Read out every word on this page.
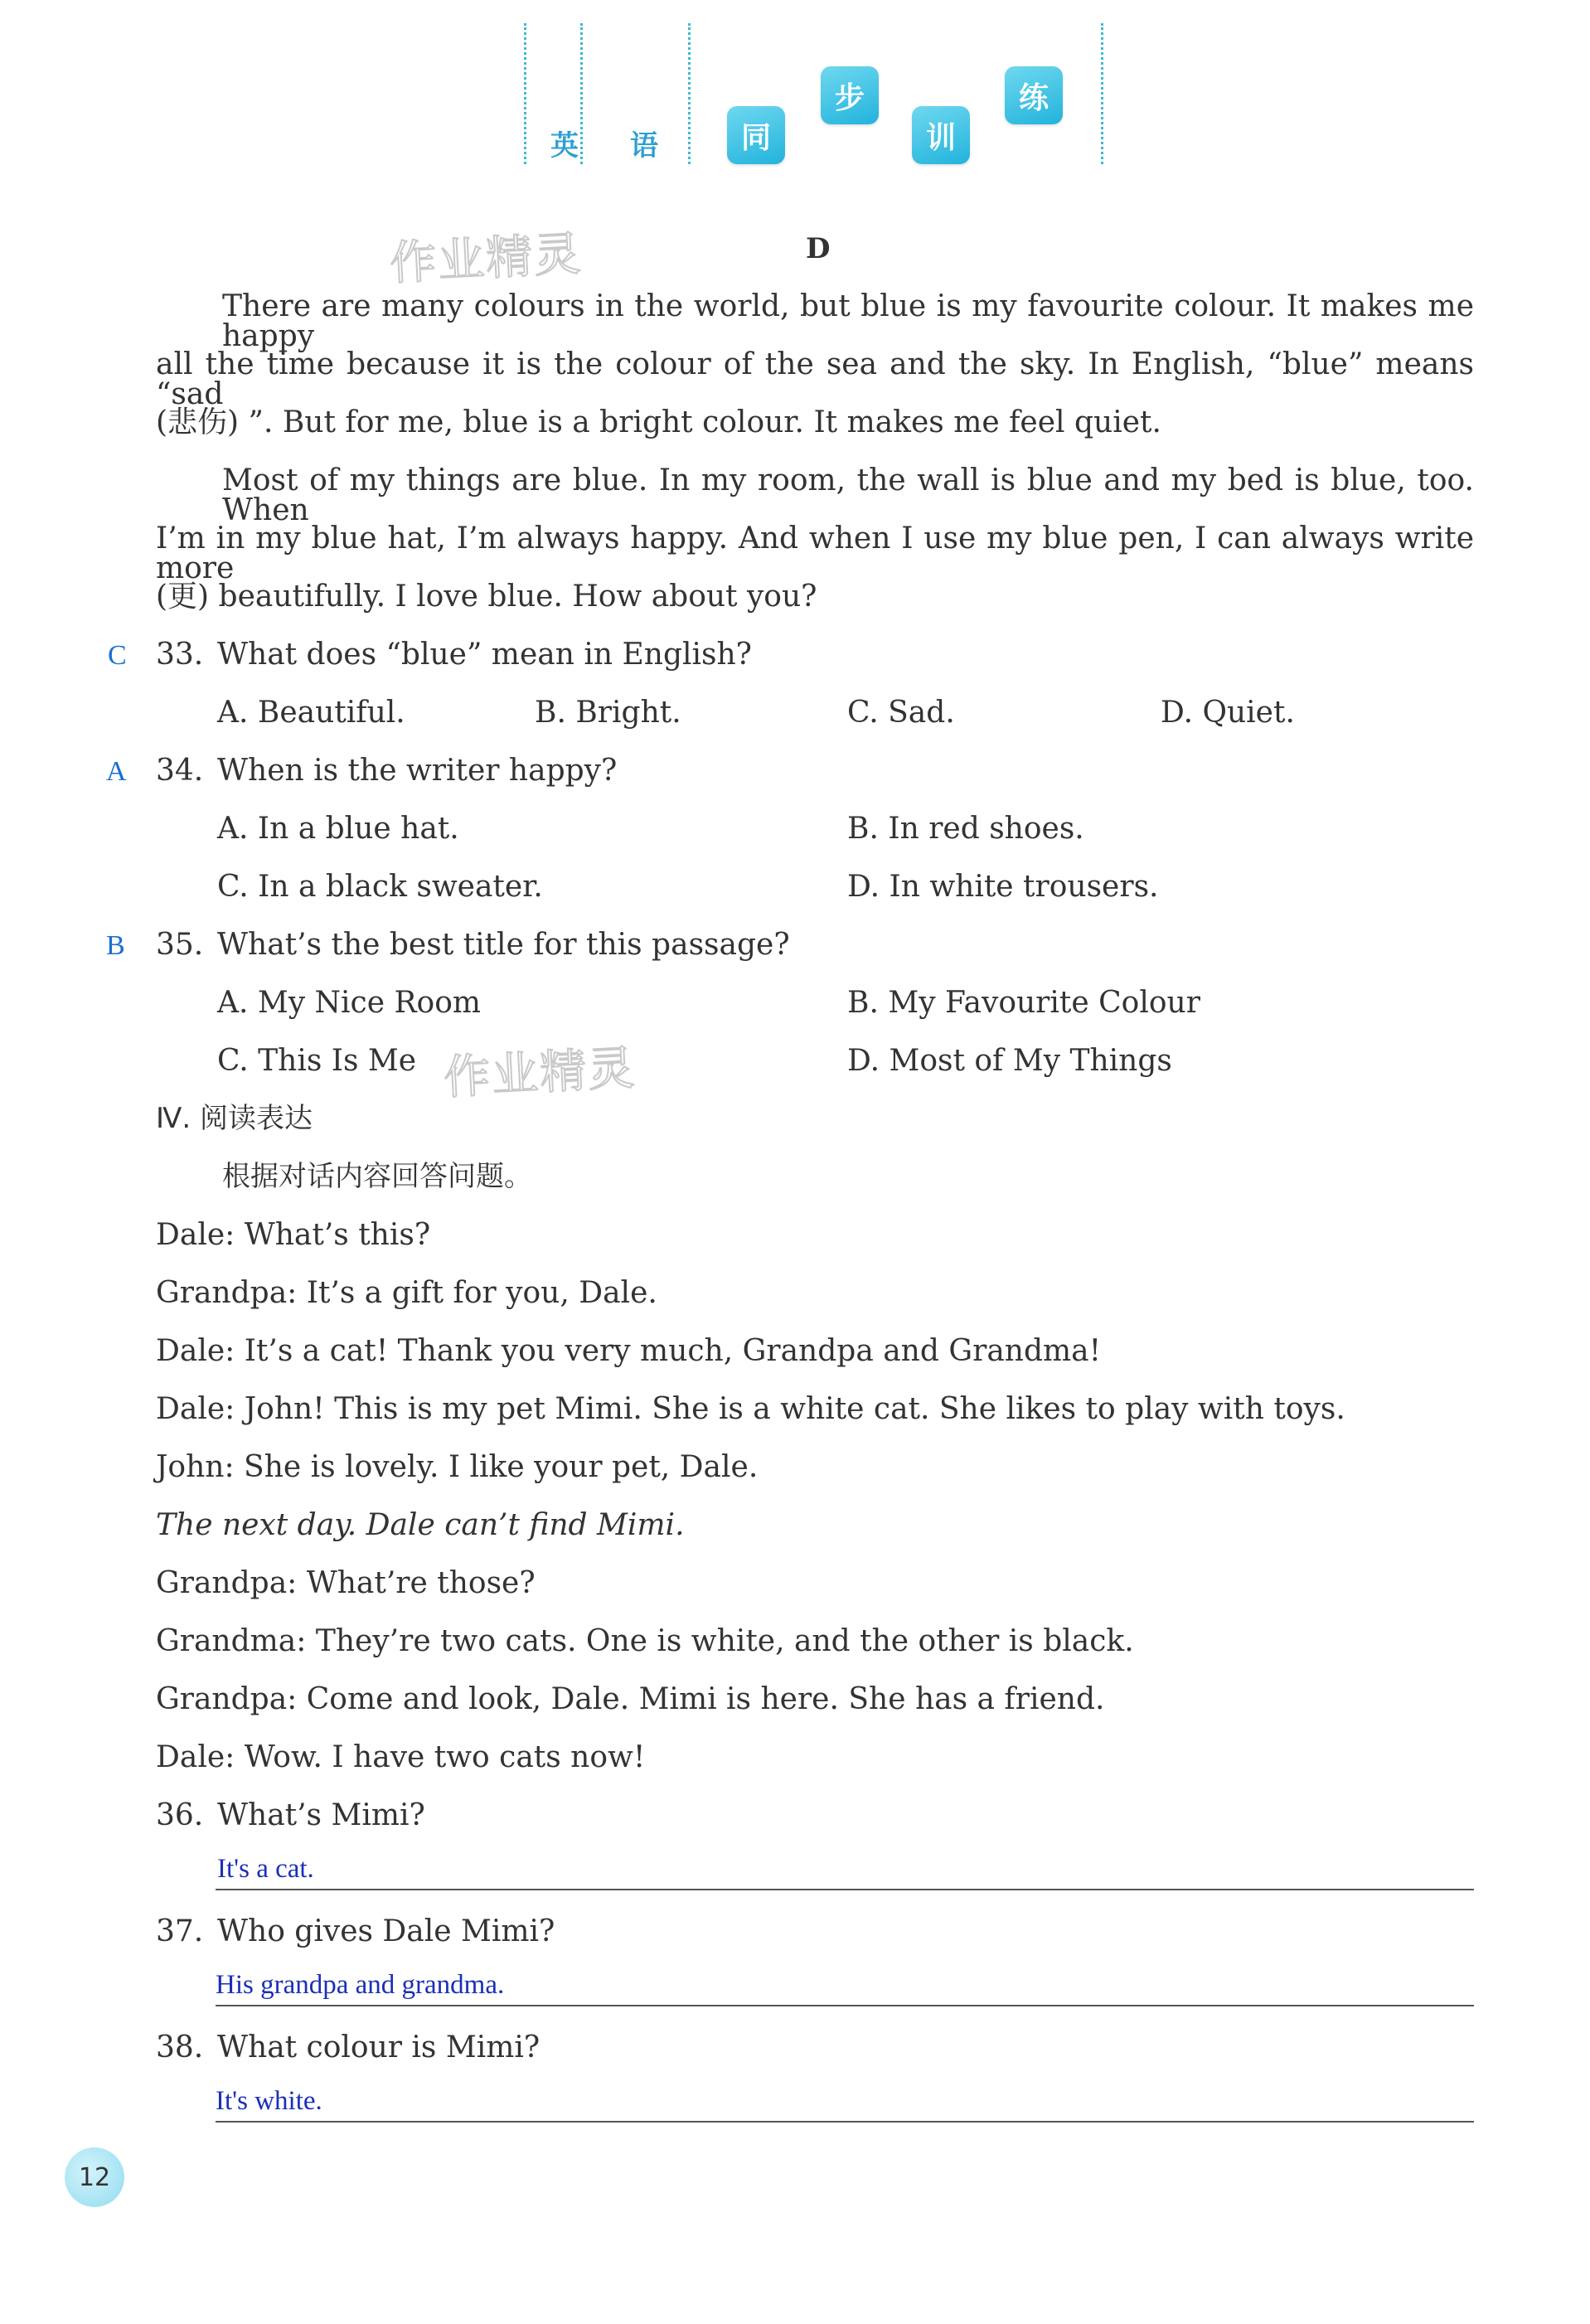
英 语	同
步
训
练
作业精灵
作业精灵
D
There are many colours in the world, but blue is my favourite colour. It makes me happy
all the time because it is the colour of the sea and the sky. In English, “blue” means “sad
(悲伤) ”. But for me, blue is a bright colour. It makes me feel quiet.
Most of my things are blue. In my room, the wall is blue and my bed is blue, too. When
I’m in my blue hat, I’m always happy. And when I use my blue pen, I can always write more
(更) beautifully. I love blue. How about you?
C 33. What does “blue” mean in English?
A. Beautiful.	B. Bright.	C. Sad.	D. Quiet.
A 34. When is the writer happy?
A. In a blue hat.	B. In red shoes.
C. In a black sweater.	D. In white trousers.
B 35. What’s the best title for this passage?
A. My Nice Room	B. My Favourite Colour
C. This Is Me	D. Most of My Things
Ⅳ. 阅读表达
根据对话内容回答问题。
Dale: What’s this?
Grandpa: It’s a gift for you, Dale.
Dale: It’s a cat! Thank you very much, Grandpa and Grandma!
Dale: John! This is my pet Mimi. She is a white cat. She likes to play with toys.
John: She is lovely. I like your pet, Dale.
The next day. Dale can’t find Mimi.
Grandpa: What’re those?
Grandma: They’re two cats. One is white, and the other is black.
Grandpa: Come and look, Dale. Mimi is here. She has a friend.
Dale: Wow. I have two cats now!
36. What’s Mimi?
It's a cat.
37. Who gives Dale Mimi?
His grandpa and grandma.
38. What colour is Mimi?
It's white.
12
